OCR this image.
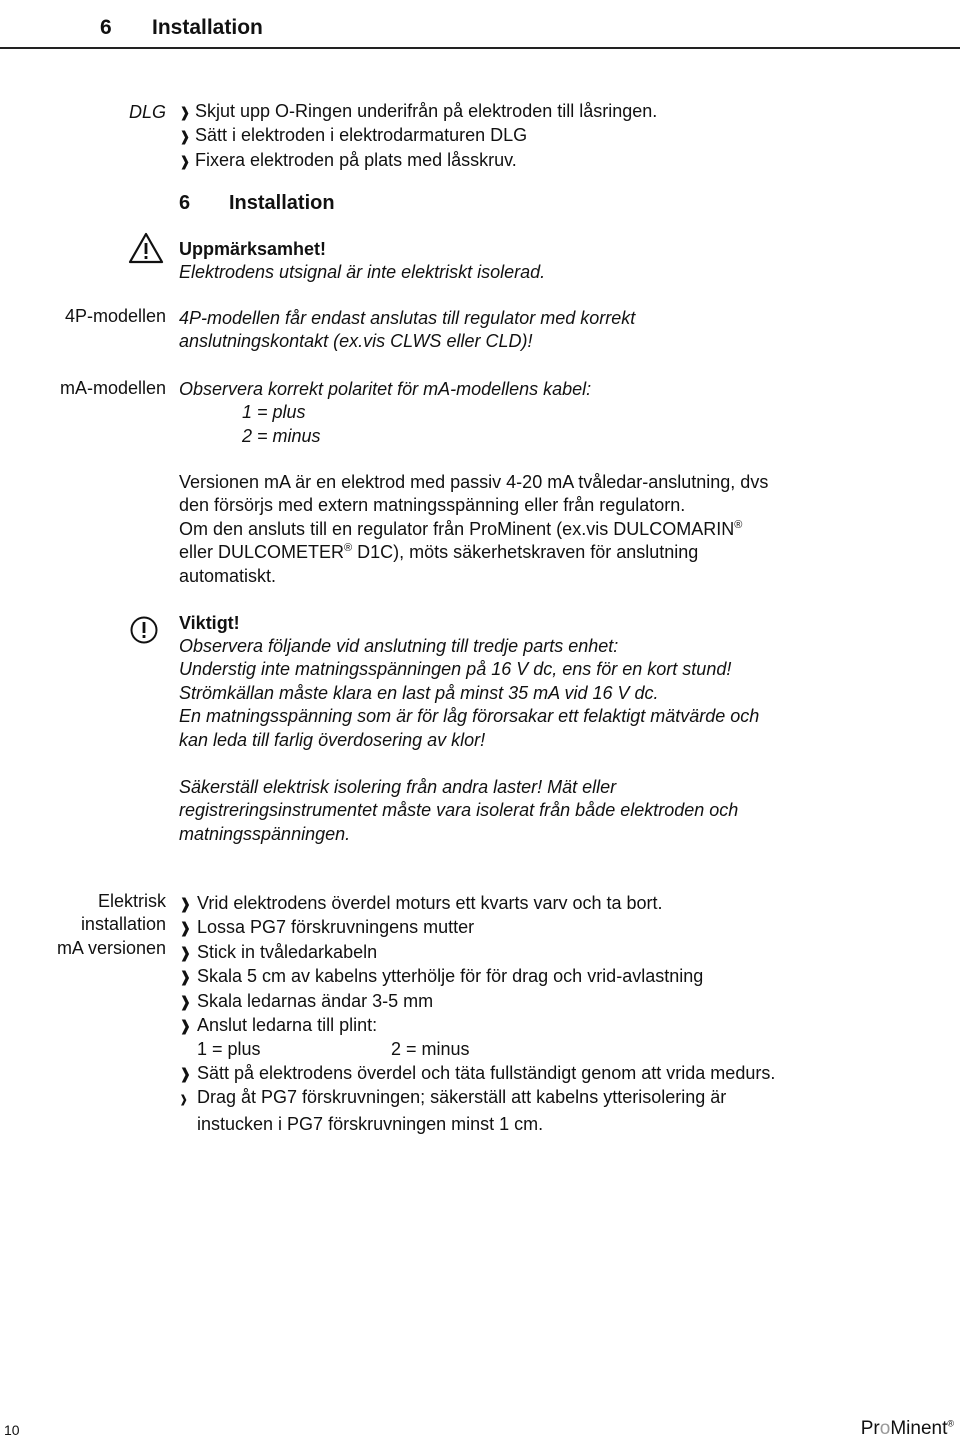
6 Installation
DLG ❱ Skjut upp O-Ringen underifrån på elektroden till låsringen.
❱ Sätt i elektroden i elektrodarmaturen DLG
❱ Fixera elektroden på plats med låsskruv.
6 Installation
Uppmärksamhet!
Elektrodens utsignal är inte elektriskt isolerad.
4P-modellen 4P-modellen får endast anslutas till regulator med korrekt
anslutningskontakt (ex.vis CLWS eller CLD)!
mA-modellen Observera korrekt polaritet för mA-modellens kabel:
1 = plus
2 = minus
Versionen mA är en elektrod med passiv 4-20 mA tvåledar-anslutning, dvs
den försörjs med extern matningsspänning eller från regulatorn.
Om den ansluts till en regulator från ProMinent (ex.vis DULCOMARIN®
eller DULCOMETER® D1C), möts säkerhetskraven för anslutning
automatiskt.
Viktigt!
Observera följande vid anslutning till tredje parts enhet:
Understig inte matningsspänningen på 16 V dc, ens för en kort stund!
Strömkällan måste klara en last på minst 35 mA vid 16 V dc.
En matningsspänning som är för låg förorsakar ett felaktigt mätvärde och
kan leda till farlig överdosering av klor!
Säkerställ elektrisk isolering från andra laster! Mät eller
registreringsinstrumentet måste vara isolerat från både elektroden och
matningsspänningen.
Elektrisk
installation
mA versionen
❱ Vrid elektrodens överdel moturs ett kvarts varv och ta bort.
❱ Lossa PG7 förskruvningens mutter
❱ Stick in tvåledarkabeln
❱ Skala 5 cm av kabelns ytterhölje för för drag och vrid-avlastning
❱ Skala ledarnas ändar 3-5 mm
❱ Anslut ledarna till plint:
1 = plus	2 = minus
❱ Sätt på elektrodens överdel och täta fullständigt genom att vrida medurs.
❱ Drag åt PG7 förskruvningen; säkerställ att kabelns ytterisolering är
instucken i PG7 förskruvningen minst 1 cm.
10	ProMinent®
